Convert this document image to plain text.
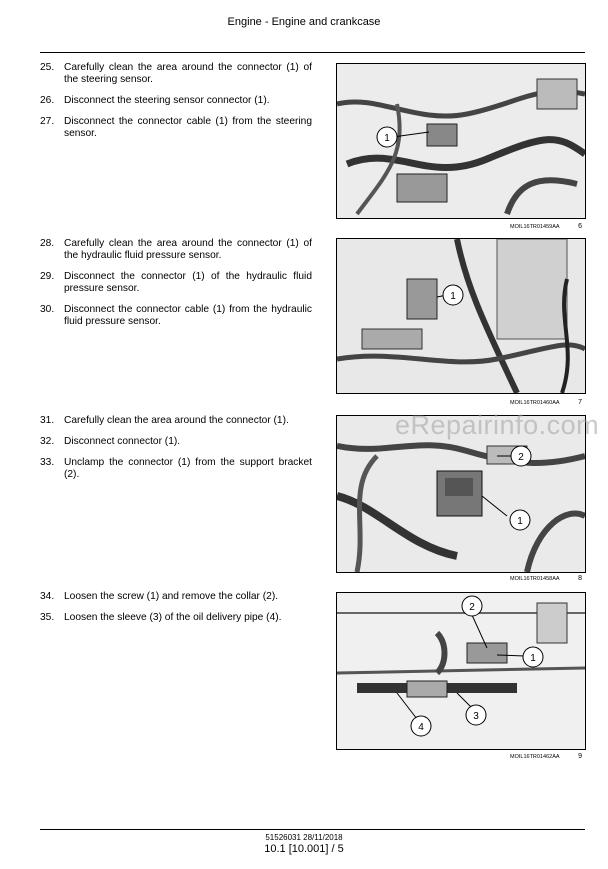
Engine - Engine and crankcase
25. Carefully clean the area around the connector (1) of the steering sensor.
26. Disconnect the steering sensor connector (1).
27. Disconnect the connector cable (1) from the steering sensor.	1
MOIL16TR01459AA	6
28. Carefully clean the area around the connector (1) of the hydraulic fluid pressure sensor.
29. Disconnect the connector (1) of the hydraulic fluid pressure sensor.
30. Disconnect the connector cable (1) from the hydraulic fluid pressure sensor.
1
MOIL16TR01460AA	7
31. Carefully clean the area around the connector (1).
32. Disconnect connector (1).
33. Unclamp the connector (1) from the support bracket (2).
2
1
MOIL16TR01458AA	8
34. Loosen the screw (1) and remove the collar (2).
35. Loosen the sleeve (3) of the oil delivery pipe (4).
2
1
4
3
MOIL16TR01462AA	9
eRepairinfo.com
51526031 28/11/2018
10.1 [10.001] / 5
